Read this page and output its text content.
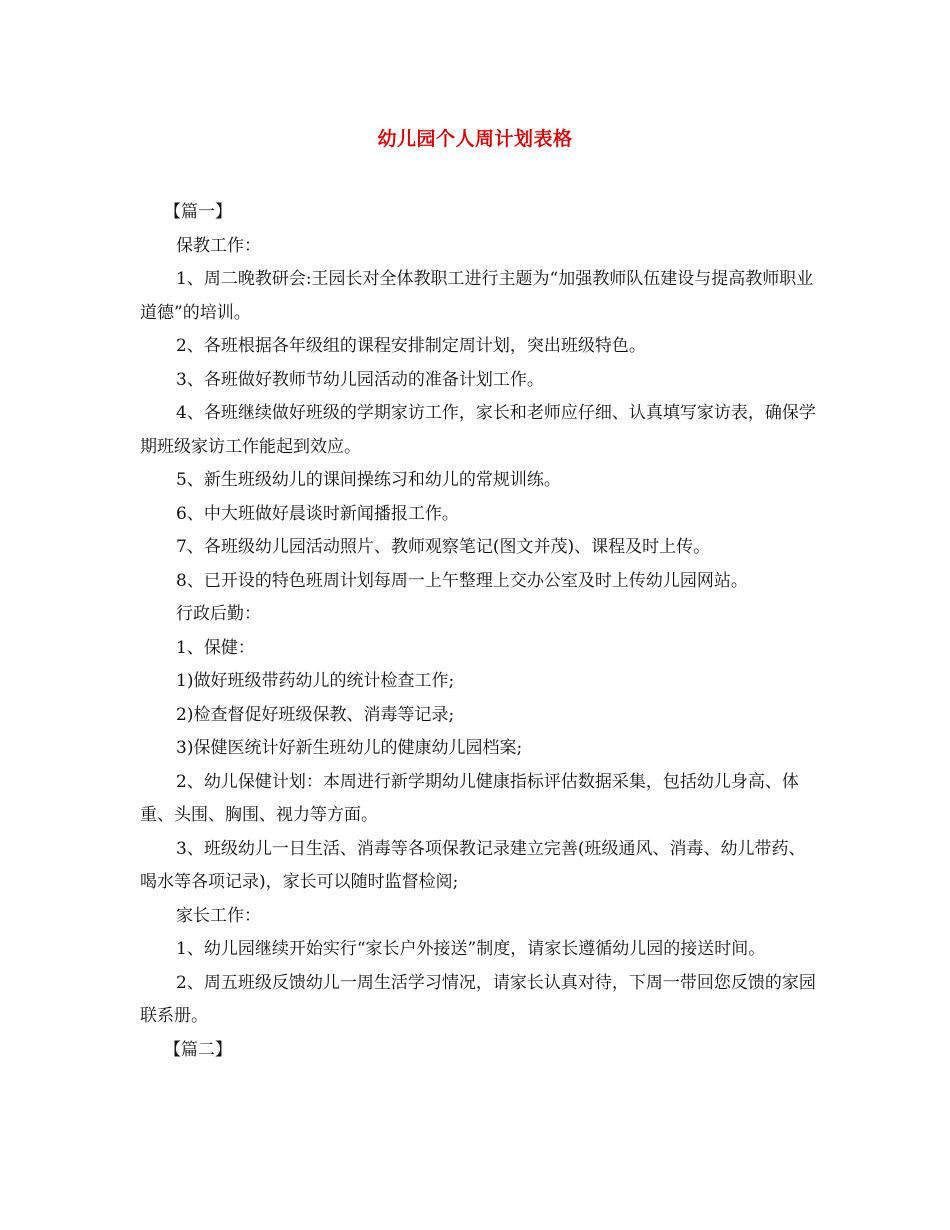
幼儿园个人周计划表格

【篇一】

保教工作：

1、周二晚教研会:王园长对全体教职工进行主题为“加强教师队伍建设与提高教师职业道德”的培训。

2、各班根据各年级组的课程安排制定周计划，突出班级特色。

3、各班做好教师节幼儿园活动的准备计划工作。

4、各班继续做好班级的学期家访工作，家长和老师应仔细、认真填写家访表，确保学期班级家访工作能起到效应。

5、新生班级幼儿的课间操练习和幼儿的常规训练。

6、中大班做好晨谈时新闻播报工作。

7、各班级幼儿园活动照片、教师观察笔记(图文并茂)、课程及时上传。

8、已开设的特色班周计划每周一上午整理上交办公室及时上传幼儿园网站。

行政后勤：

1、保健：

1)做好班级带药幼儿的统计检查工作;

2)检查督促好班级保教、消毒等记录;

3)保健医统计好新生班幼儿的健康幼儿园档案;

2、幼儿保健计划：本周进行新学期幼儿健康指标评估数据采集，包括幼儿身高、体重、头围、胸围、视力等方面。

3、班级幼儿一日生活、消毒等各项保教记录建立完善(班级通风、消毒、幼儿带药、喝水等各项记录)，家长可以随时监督检阅;

家长工作：

1、幼儿园继续开始实行“家长户外接送”制度，请家长遵循幼儿园的接送时间。

2、周五班级反馈幼儿一周生活学习情况，请家长认真对待，下周一带回您反馈的家园联系册。

【篇二】
